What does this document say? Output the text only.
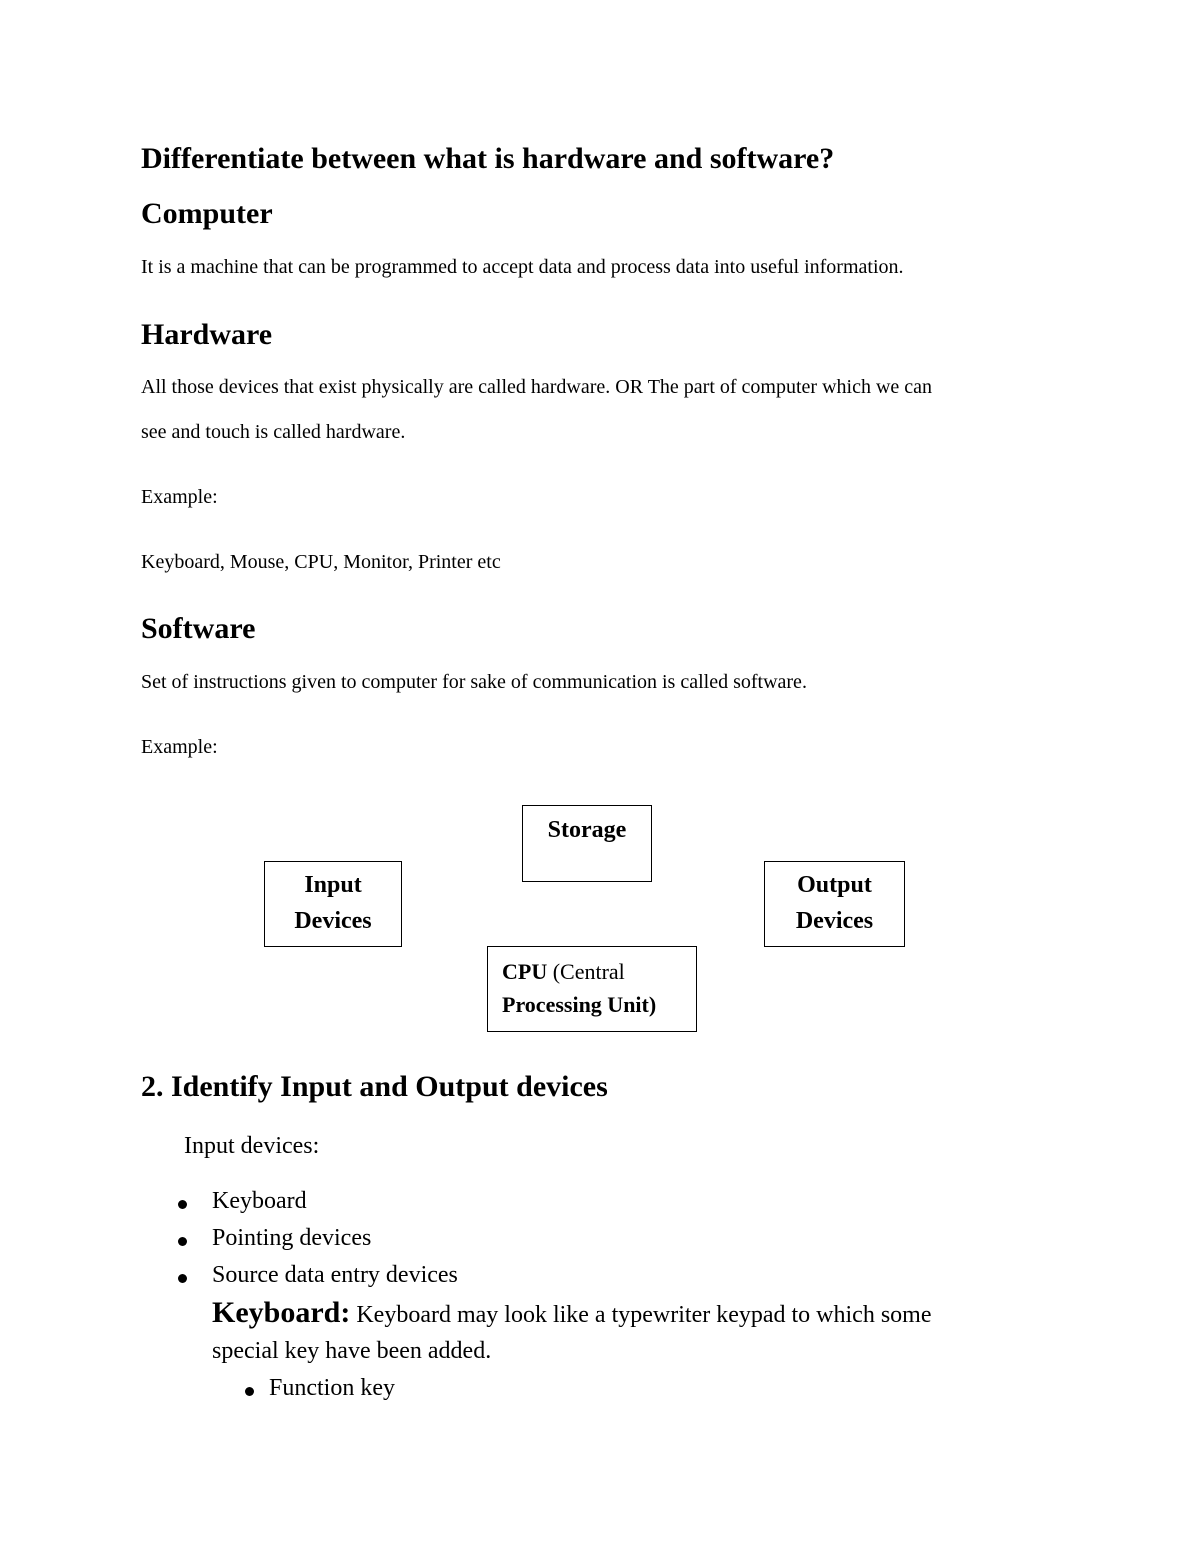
Differentiate between what is hardware and software?
Computer

It is a machine that can be programmed to accept data and process data into useful information.

Hardware

All those devices that exist physically are called hardware. OR The part of computer which we can

see and touch is called hardware.

Example:

Keyboard, Mouse, CPU, Monitor, Printer etc

Software

Set of instructions given to computer for sake of communication is called software.

Example:

Storage
Input
Devices
Output
Devices
CPU (Central
Processing Unit)
2. Identify Input and Output devices

Input devices:

Keyboard
Pointing devices
Source data entry devices

Keyboard: Keyboard may look like a typewriter keypad to which some

special key have been added.

Function key
